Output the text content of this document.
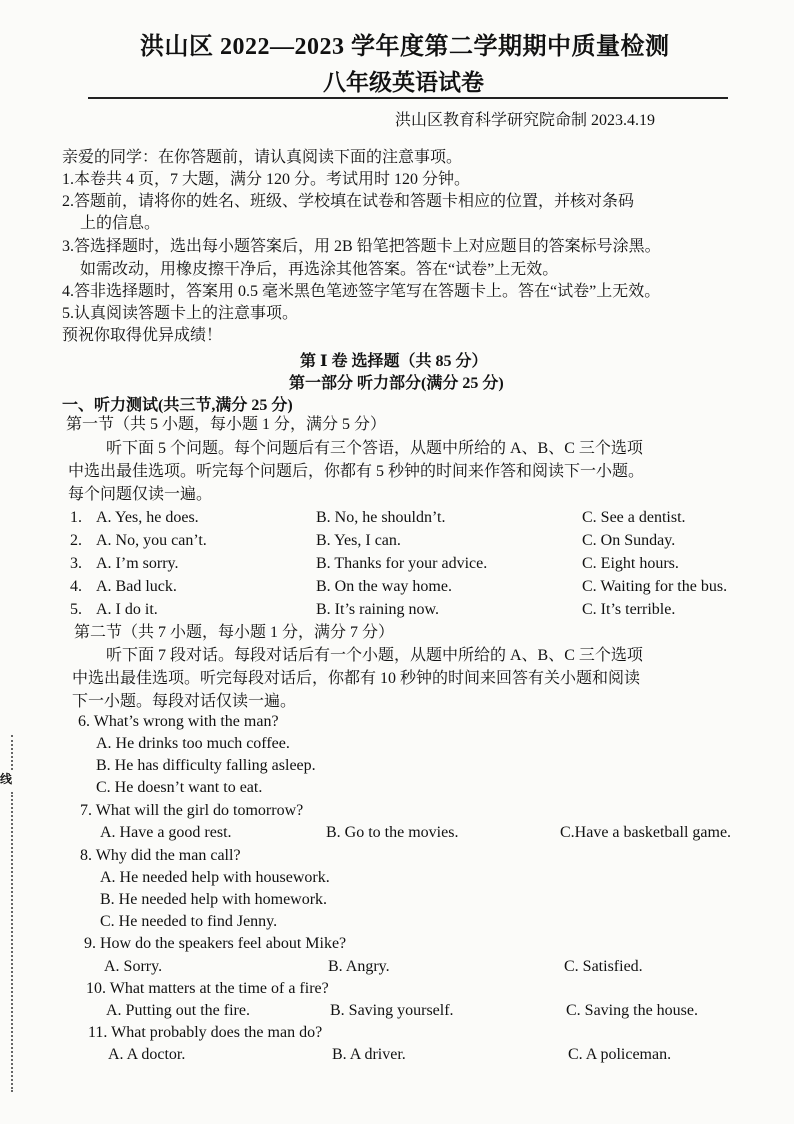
洪山区 2022—2023 学年度第二学期期中质量检测
八年级英语试卷
洪山区教育科学研究院命制 2023.4.19
亲爱的同学：在你答题前，请认真阅读下面的注意事项。
1.本卷共 4 页，7 大题，满分 120 分。考试用时 120 分钟。
2.答题前，请将你的姓名、班级、学校填在试卷和答题卡相应的位置，并核对条码
上的信息。
3.答选择题时，选出每小题答案后，用 2B 铅笔把答题卡上对应题目的答案标号涂黑。
如需改动，用橡皮擦干净后，再选涂其他答案。答在“试卷”上无效。
4.答非选择题时，答案用 0.5 毫米黑色笔迹签字笔写在答题卡上。答在“试卷”上无效。
5.认真阅读答题卡上的注意事项。
预祝你取得优异成绩！
第 Ⅰ 卷 选择题（共 85 分）
第一部分 听力部分(满分 25 分)
一、听力测试(共三节,满分 25 分)
第一节（共 5 小题，每小题 1 分，满分 5 分）
听下面 5 个问题。每个问题后有三个答语，从题中所给的 A、B、C 三个选项
中选出最佳选项。听完每个问题后，你都有 5 秒钟的时间来作答和阅读下一小题。
每个问题仅读一遍。
1. A. Yes, he does.	B. No, he shouldn’t.	C. See a dentist.
2. A. No, you can’t.	B. Yes, I can.	C. On Sunday.
3. A. I’m sorry.	B. Thanks for your advice.	C. Eight hours.
4. A. Bad luck.	B. On the way home.	C. Waiting for the bus.
5. A. I do it.	B. It’s raining now.	C. It’s terrible.
第二节（共 7 小题，每小题 1 分，满分 7 分）
听下面 7 段对话。每段对话后有一个小题，从题中所给的 A、B、C 三个选项
中选出最佳选项。听完每段对话后，你都有 10 秒钟的时间来回答有关小题和阅读
下一小题。每段对话仅读一遍。
6. What’s wrong with the man?
A. He drinks too much coffee.
B. He has difficulty falling asleep.
C. He doesn’t want to eat.
7. What will the girl do tomorrow?
A. Have a good rest.	B. Go to the movies.	C.Have a basketball game.
8. Why did the man call?
A. He needed help with housework.
B. He needed help with homework.
C. He needed to find Jenny.
9. How do the speakers feel about Mike?
A. Sorry.	B. Angry.	C. Satisfied.
10. What matters at the time of a fire?
A. Putting out the fire.	B. Saving yourself.	C. Saving the house.
11. What probably does the man do?
A. A doctor.	B. A driver.	C. A policeman.
线
